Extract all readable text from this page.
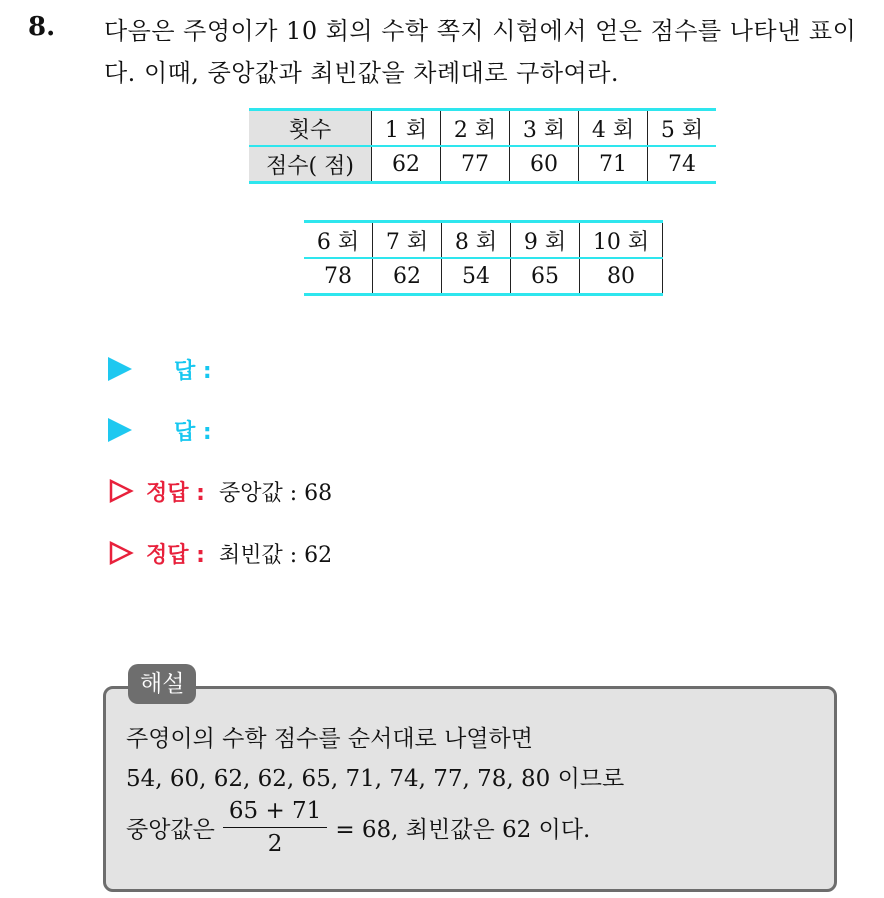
8. 다음은 주영이가 10 회의 수학 쪽지 시험에서 얻은 점수를 나타낸 표이다. 이때, 중앙값과 최빈값을 차례대로 구하여라.
횟수	1 회	2 회	3 회	4 회	5 회
점수( 점)	62	77	60	71	74
6 회	7 회	8 회	9 회	10 회
78	62	54	65	80
답 :
답 :
정답 : 중앙값 : 68
정답 : 최빈값 : 62
해설
주영이의 수학 점수를 순서대로 나열하면
54, 60, 62, 62, 65, 71, 74, 77, 78, 80 이므로
중앙값은 $\frac{65 + 71}{2} = 68$, 최빈값은 62 이다.
